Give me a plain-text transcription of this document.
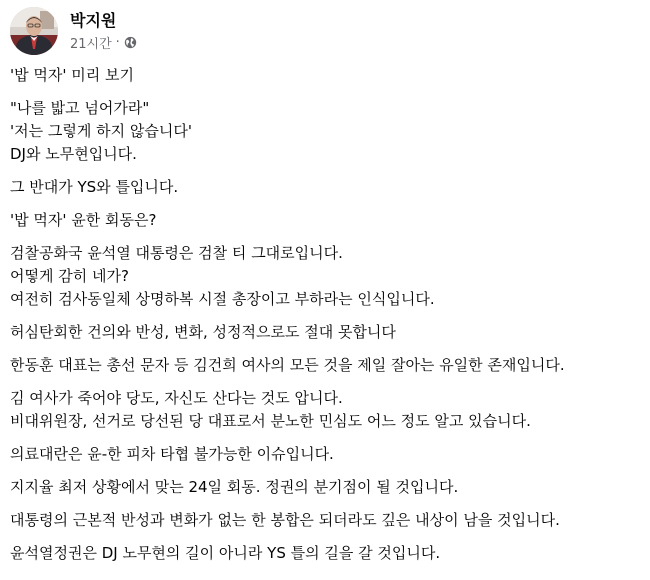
박지원
21시간 ·
'밥 먹자' 미리 보기
"나를 밟고 넘어가라"
'저는 그렇게 하지 않습니다'
DJ와 노무현입니다.
그 반대가 YS와 틀입니다.
'밥 먹자' 윤한 회동은?
검찰공화국 윤석열 대통령은 검찰 티 그대로입니다.
어떻게 감히 네가?
여전히 검사동일체 상명하복 시절 총장이고 부하라는 인식입니다.
허심탄회한 건의와 반성, 변화, 성정적으로도 절대 못합니다
한동훈 대표는 총선 문자 등 김건희 여사의 모든 것을 제일 잘아는 유일한 존재입니다.
김 여사가 죽어야 당도, 자신도 산다는 것도 압니다.
비대위원장, 선거로 당선된 당 대표로서 분노한 민심도 어느 정도 알고 있습니다.
의료대란은 윤-한 피차 타협 불가능한 이슈입니다.
지지율 최저 상황에서 맞는 24일 회동. 정권의 분기점이 될 것입니다.
대통령의 근본적 반성과 변화가 없는 한 봉합은 되더라도 깊은 내상이 남을 것입니다.
윤석열정권은 DJ 노무현의 길이 아니라 YS 틀의 길을 갈 것입니다.
